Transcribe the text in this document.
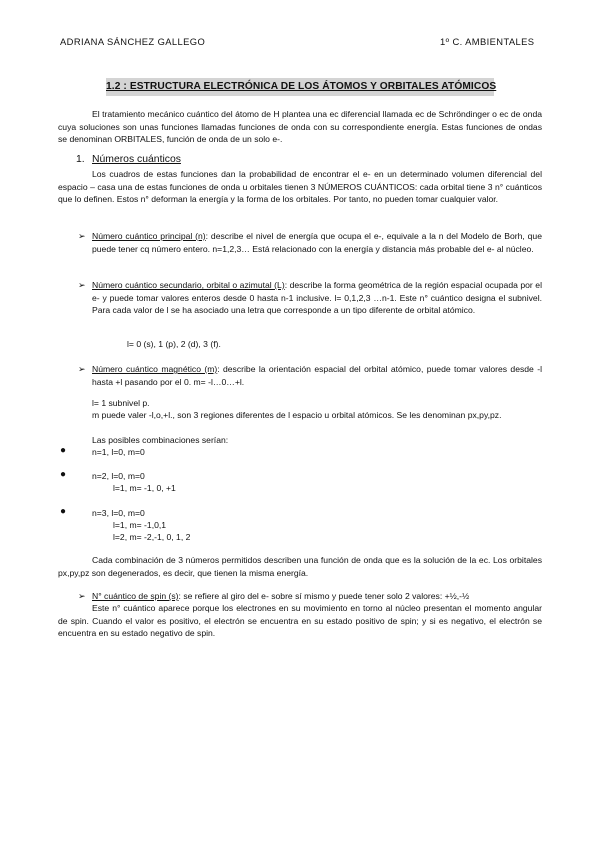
ADRIANA SÁNCHEZ GALLEGO	1º C. AMBIENTALES
1.2 : ESTRUCTURA ELECTRÓNICA DE LOS ÁTOMOS Y ORBITALES ATÓMICOS
El tratamiento mecánico cuántico del átomo de H plantea una ec diferencial llamada ec de Schröndinger o ec de onda cuya soluciones son unas funciones llamadas funciones de onda con su correspondiente energía. Estas funciones de ondas se denominan ORBITALES, función de onda de un solo e-.
1. Números cuánticos
Los cuadros de estas funciones dan la probabilidad de encontrar el e- en un determinado volumen diferencial del espacio – casa una de estas funciones de onda u orbitales tienen 3 NÚMEROS CUÁNTICOS: cada orbital tiene 3 n° cuánticos que lo definen. Estos n° deforman la energía y la forma de los orbitales. Por tanto, no pueden tomar cualquier valor.
➢ Número cuántico principal (n): describe el nivel de energía que ocupa el e-, equivale a la n del Modelo de Borh, que puede tener cq número entero. n=1,2,3… Está relacionado con la energía y distancia más probable del e- al núcleo.
➢ Número cuántico secundario, orbital o azimutal (L): describe la forma geométrica de la región espacial ocupada por el e- y puede tomar valores enteros desde 0 hasta n-1 inclusive. l= 0,1,2,3 …n-1. Este n° cuántico designa el subnivel. Para cada valor de l se ha asociado una letra que corresponde a un tipo diferente de orbital atómico.
l= 0 (s), 1 (p), 2 (d), 3 (f).
➢ Número cuántico magnético (m): describe la orientación espacial del orbital atómico, puede tomar valores desde -l hasta +l pasando por el 0. m= -l…0…+l.
l= 1 subnivel p.
m puede valer -l,o,+l., son 3 regiones diferentes de l espacio u orbital atómicos. Se les denominan px,py,pz.
Las posibles combinaciones serían:
●	n=1, l=0, m=0
●	n=2, l=0, m=0
l=1, m= -1, 0, +1
●	n=3, l=0, m=0
l=1, m= -1,0,1
l=2, m= -2,-1, 0, 1, 2
Cada combinación de 3 números permitidos describen una función de onda que es la solución de la ec. Los orbitales px,py,pz son degenerados, es decir, que tienen la misma energía.
➢ N° cuántico de spin (s): se refiere al giro del e- sobre sí mismo y puede tener solo 2 valores: +½,-½
Este n° cuántico aparece porque los electrones en su movimiento en torno al núcleo presentan el momento angular de spin. Cuando el valor es positivo, el electrón se encuentra en su estado positivo de spin; y si es negativo, el electrón se encuentra en su estado negativo de spin.
